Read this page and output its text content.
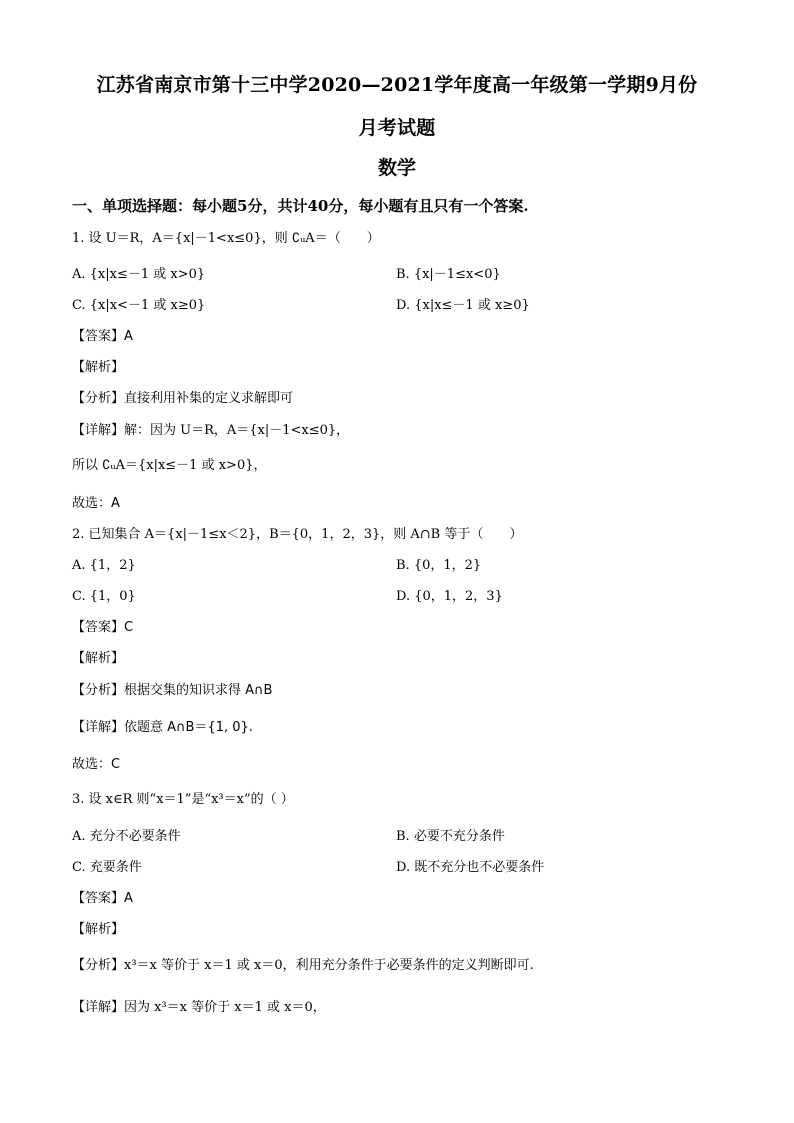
江苏省南京市第十三中学2020—2021学年度高一年级第一学期9月份
月考试题
数学
一、单项选择题：每小题5分，共计40分，每小题有且只有一个答案.
1. 设 U＝R，A＝{x|－1<x≤0}，则 ∁ᵤA＝（　　）
A. {x|x≤－1 或 x>0}	B. {x|－1≤x<0}
C. {x|x<－1 或 x≥0}	D. {x|x≤－1 或 x≥0}
【答案】A
【解析】
【分析】直接利用补集的定义求解即可
【详解】解：因为 U＝R，A＝{x|－1<x≤0}，
所以 ∁ᵤA＝{x|x≤－1 或 x>0}，
故选：A
2. 已知集合 A＝{x|－1≤x＜2}，B＝{0，1，2，3}，则 A∩B 等于（　　）
A. {1，2}	B. {0，1，2}
C. {1，0}	D. {0，1，2，3}
【答案】C
【解析】
【分析】根据交集的知识求得 A∩B
【详解】依题意 A∩B＝{1, 0}.
故选：C
3. 设 x∈R 则“x＝1”是“x³＝x”的（ ）
A. 充分不必要条件	B. 必要不充分条件
C. 充要条件	D. 既不充分也不必要条件
【答案】A
【解析】
【分析】x³＝x 等价于 x＝1 或 x＝0，利用充分条件于必要条件的定义判断即可.
【详解】因为 x³＝x 等价于 x＝1 或 x＝0，
